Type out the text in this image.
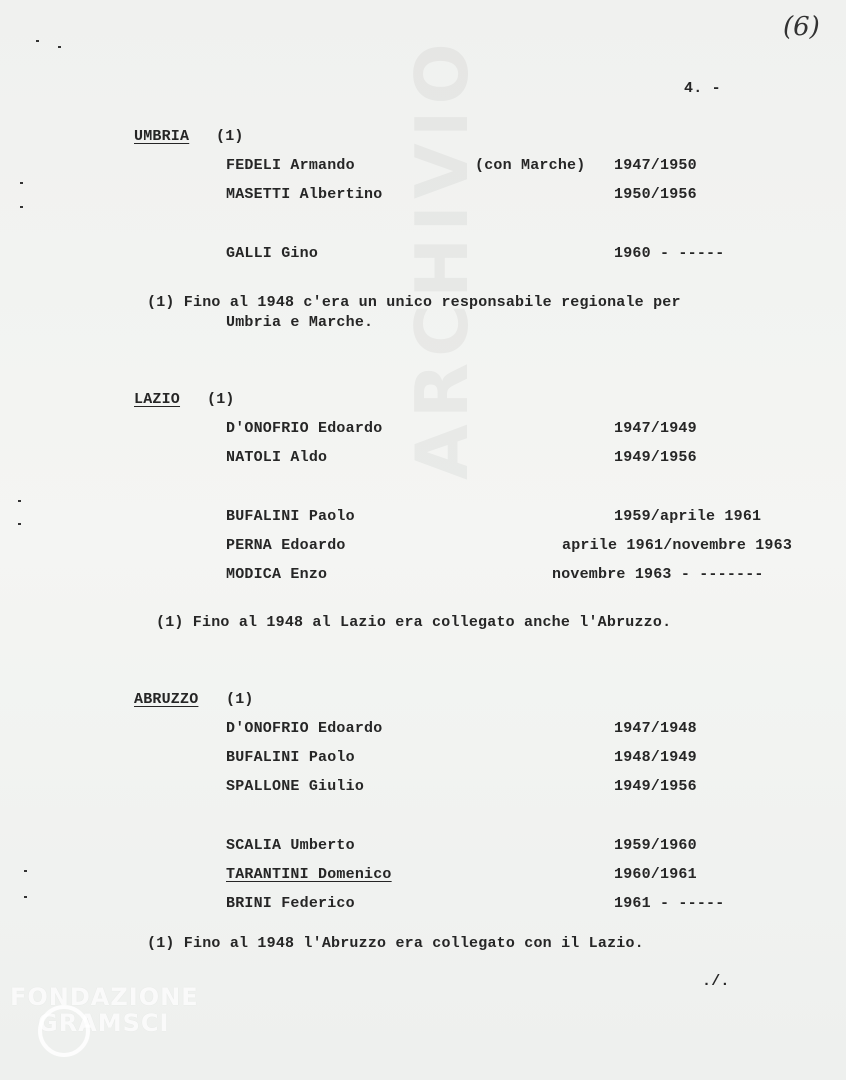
ARCHIVIO
(6)
4. -
UMBRIA (1)
FEDELI Armando	(con Marche) 1947/1950
MASETTI Albertino	1950/1956
GALLI Gino	1960 - -----
(1) Fino al 1948 c'era un unico responsabile regionale per
Umbria e Marche.
LAZIO (1)
D'ONOFRIO Edoardo	1947/1949
NATOLI Aldo	1949/1956
BUFALINI Paolo	1959/aprile 1961
PERNA Edoardo	aprile 1961/novembre 1963
MODICA Enzo	novembre 1963 - -------
(1) Fino al 1948 al Lazio era collegato anche l'Abruzzo.
ABRUZZO (1)
D'ONOFRIO Edoardo	1947/1948
BUFALINI Paolo	1948/1949
SPALLONE Giulio	1949/1956
SCALIA Umberto	1959/1960
TARANTINI Domenico	1960/1961
BRINI Federico	1961 - -----
(1) Fino al 1948 l'Abruzzo era collegato con il Lazio.
./.
FONDAZIONE
GRAMSCI
